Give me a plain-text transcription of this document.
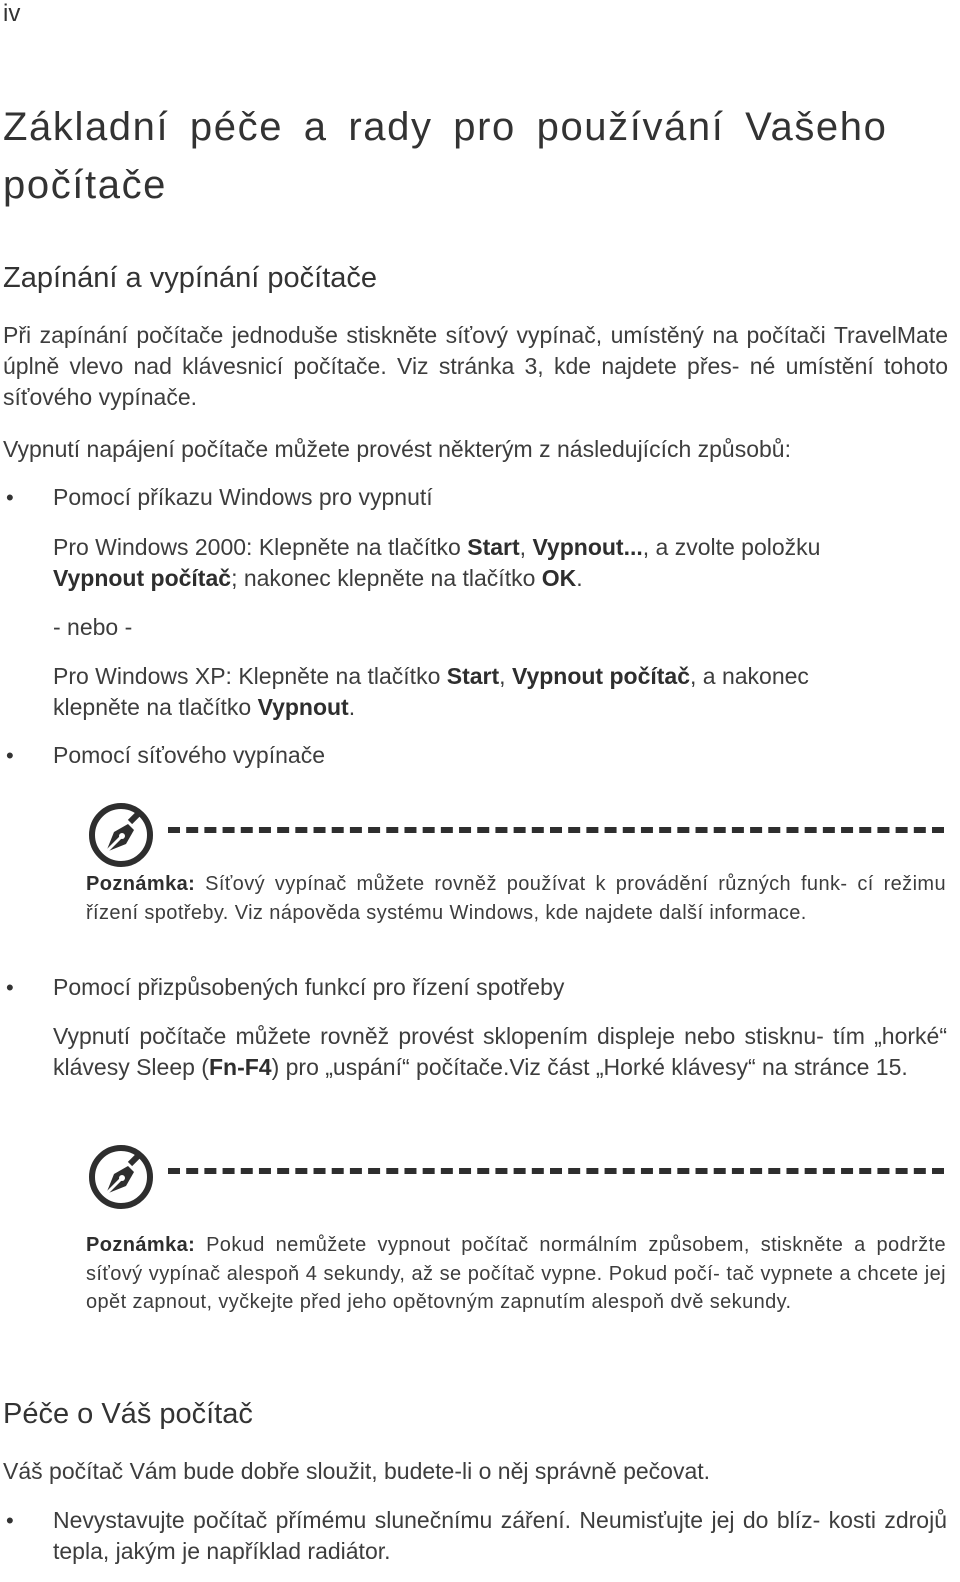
iv
Základní péče a rady pro používání Vašeho počítače
Zapínání a vypínání počítače

Při zapínání počítače jednoduše stiskněte síťový vypínač, umístěný na počítači TravelMate úplně vlevo nad klávesnicí počítače. Viz stránka 3, kde najdete přes- né umístění tohoto síťového vypínače.

Vypnutí napájení počítače můžete provést některým z následujících způsobů:

• Pomocí příkazu Windows pro vypnutí

Pro Windows 2000: Klepněte na tlačítko Start, Vypnout..., a zvolte položku
Vypnout počítač; nakonec klepněte na tlačítko OK.

- nebo -

Pro Windows XP: Klepněte na tlačítko Start, Vypnout počítač, a nakonec
klepněte na tlačítko Vypnout.

• Pomocí síťového vypínače

Poznámka: Síťový vypínač můžete rovněž používat k provádění různých funk- cí režimu řízení spotřeby. Viz nápověda systému Windows, kde najdete další informace.

• Pomocí přizpůsobených funkcí pro řízení spotřeby

Vypnutí počítače můžete rovněž provést sklopením displeje nebo stisknu- tím „horké“ klávesy Sleep (Fn-F4) pro „uspání“ počítače.Viz část „Horké klávesy“ na stránce 15.

Poznámka: Pokud nemůžete vypnout počítač normálním způsobem, stiskněte a podržte síťový vypínač alespoň 4 sekundy, až se počítač vypne. Pokud počí- tač vypnete a chcete jej opět zapnout, vyčkejte před jeho opětovným zapnutím alespoň dvě sekundy.

Péče o Váš počítač

Váš počítač Vám bude dobře sloužit, budete-li o něj správně pečovat.

• Nevystavujte počítač přímému slunečnímu záření. Neumisťujte jej do blíz- kosti zdrojů tepla, jakým je například radiátor.
